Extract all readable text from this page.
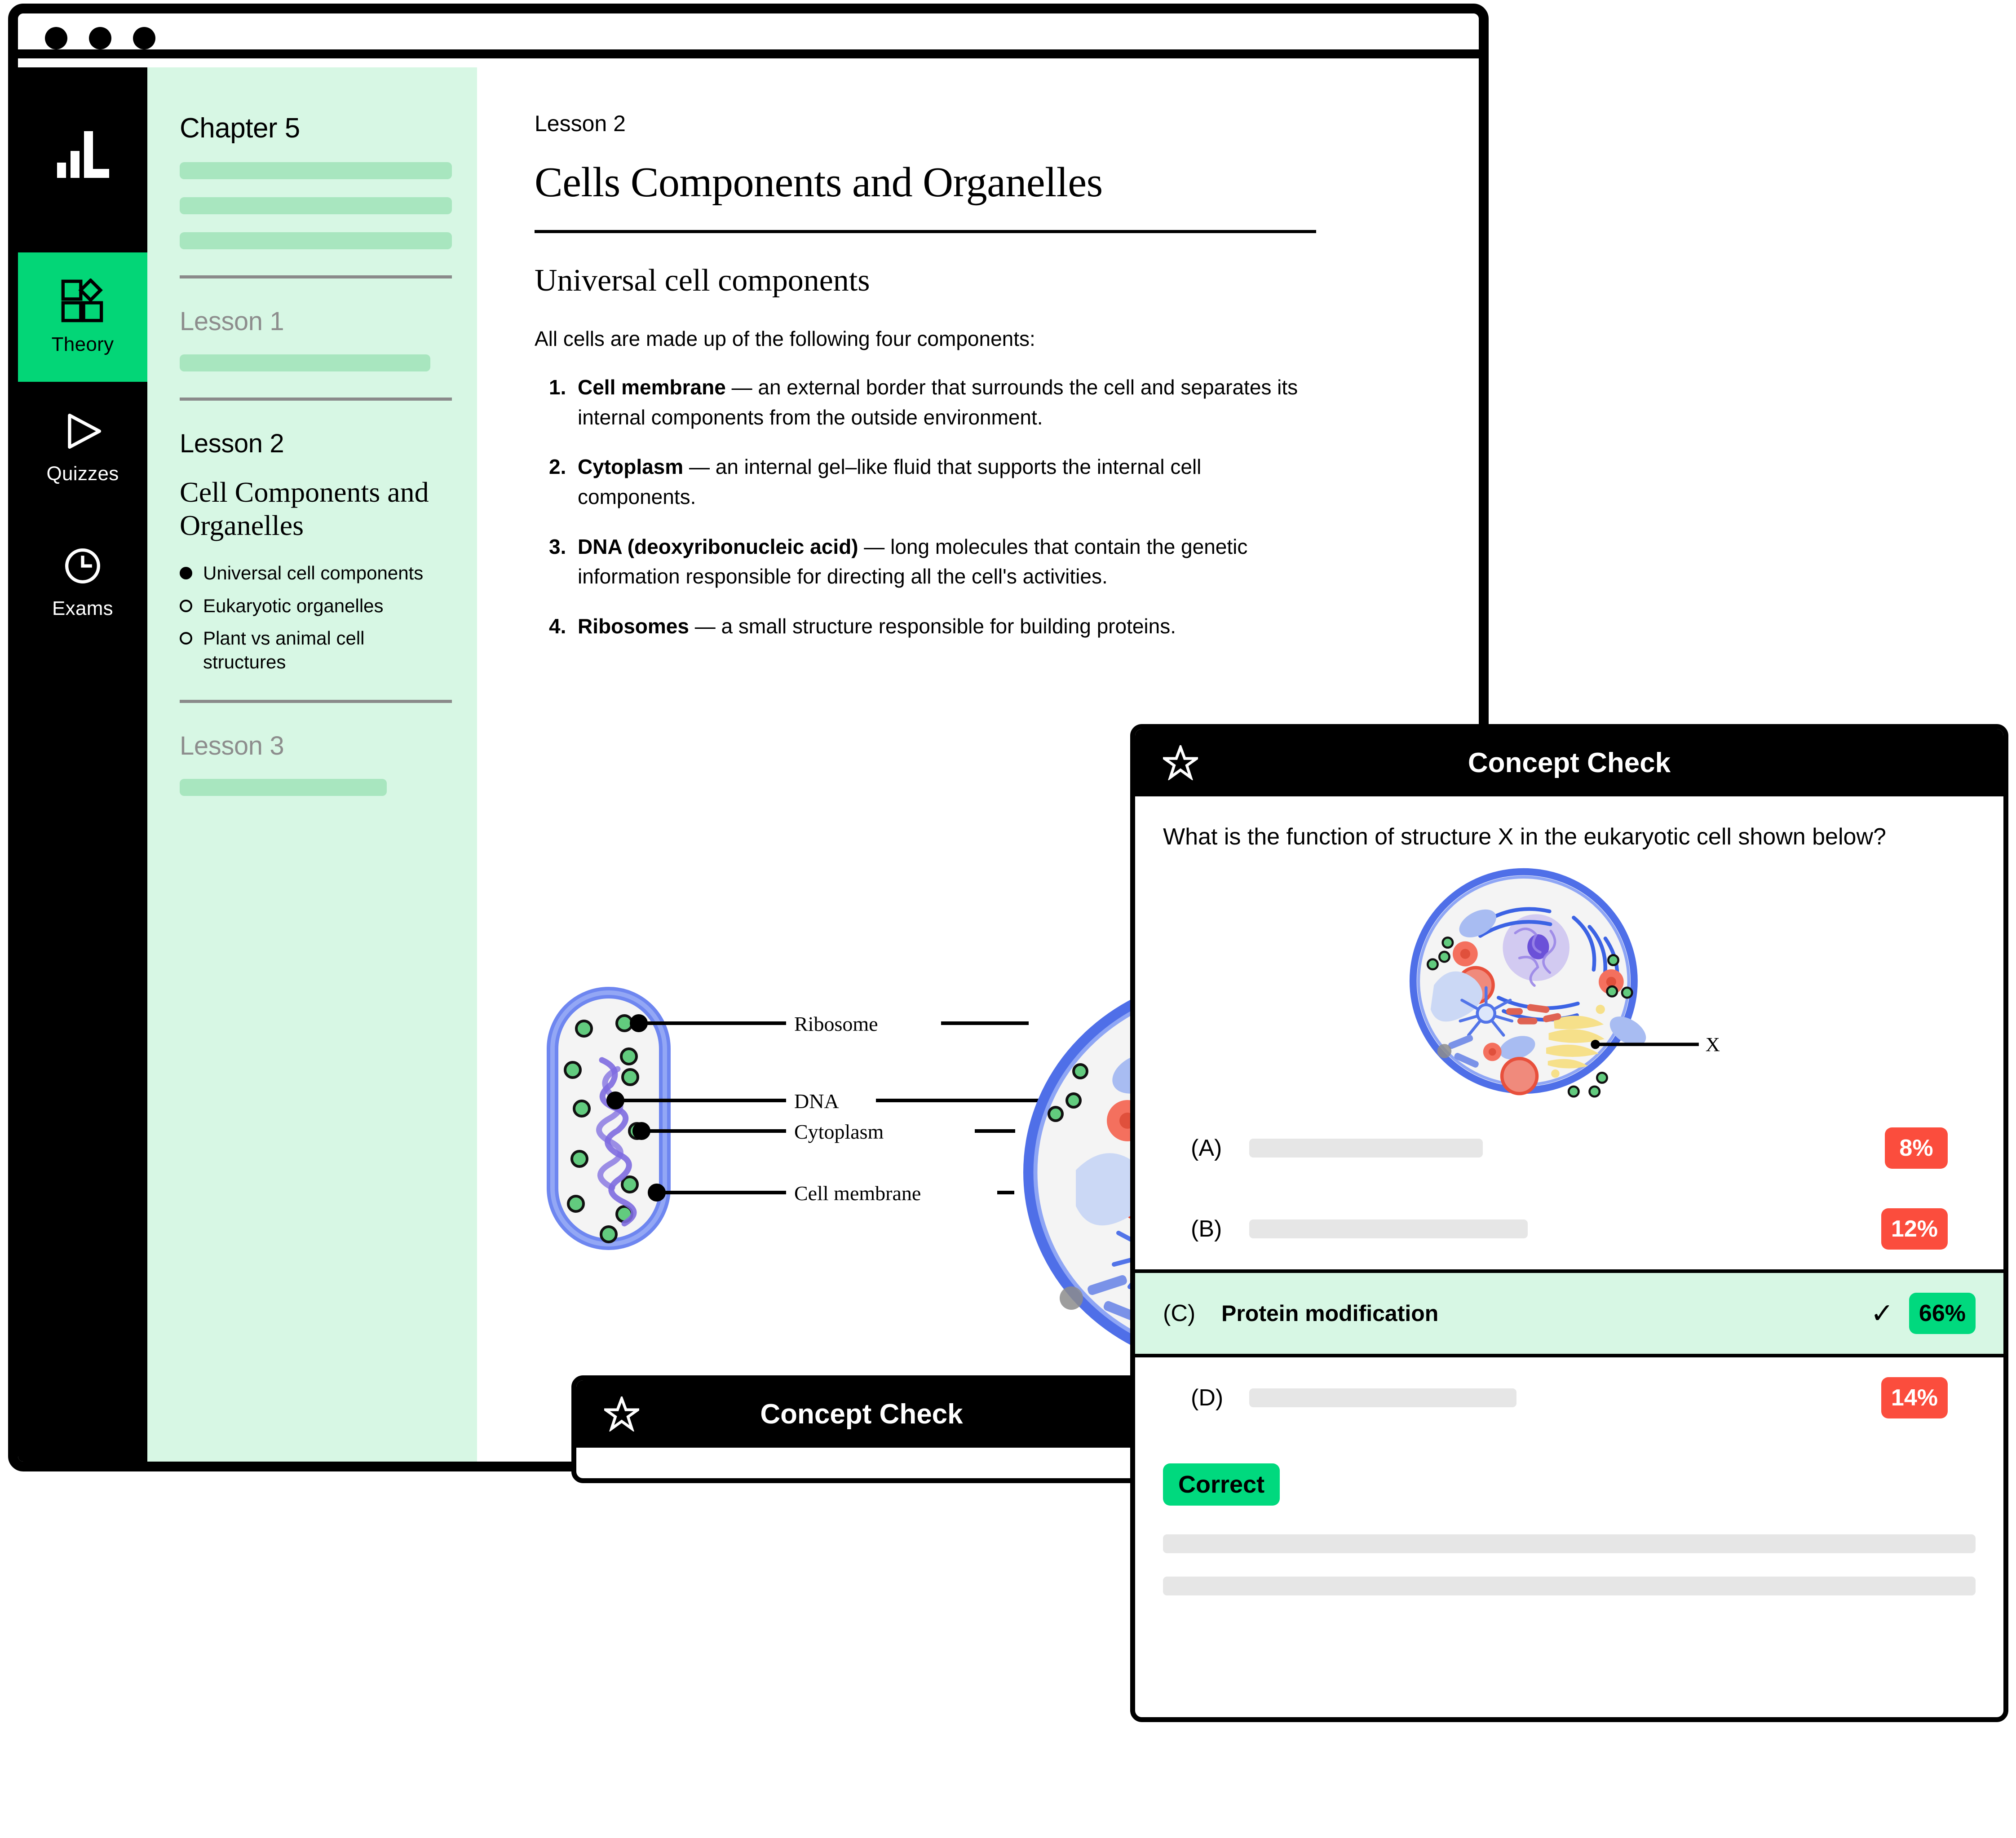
Theory
Quizzes
Exams
Chapter 5
Lesson 1
Lesson 2
Cell Components and Organelles
Universal cell components
Eukaryotic organelles
Plant vs animal cell structures
Lesson 3
Lesson 2
Cells Components and Organelles
Universal cell components
All cells are made up of the following four components:
1. Cell membrane — an external border that surrounds the cell and separates its internal components from the outside environment.
2. Cytoplasm — an internal gel–like fluid that supports the internal cell components.
3. DNA (deoxyribonucleic acid) — long molecules that contain the genetic information responsible for directing all the cell's activities.
4. Ribosomes — a small structure responsible for building proteins.
Ribosome
DNA
Cytoplasm
Cell membrane
Concept Check
Concept Check
What is the function of structure X in the eukaryotic cell shown below?
X
(A)	8%
(B)	12%
(C)	Protein modification	✓	66%
(D)	14%
Correct
